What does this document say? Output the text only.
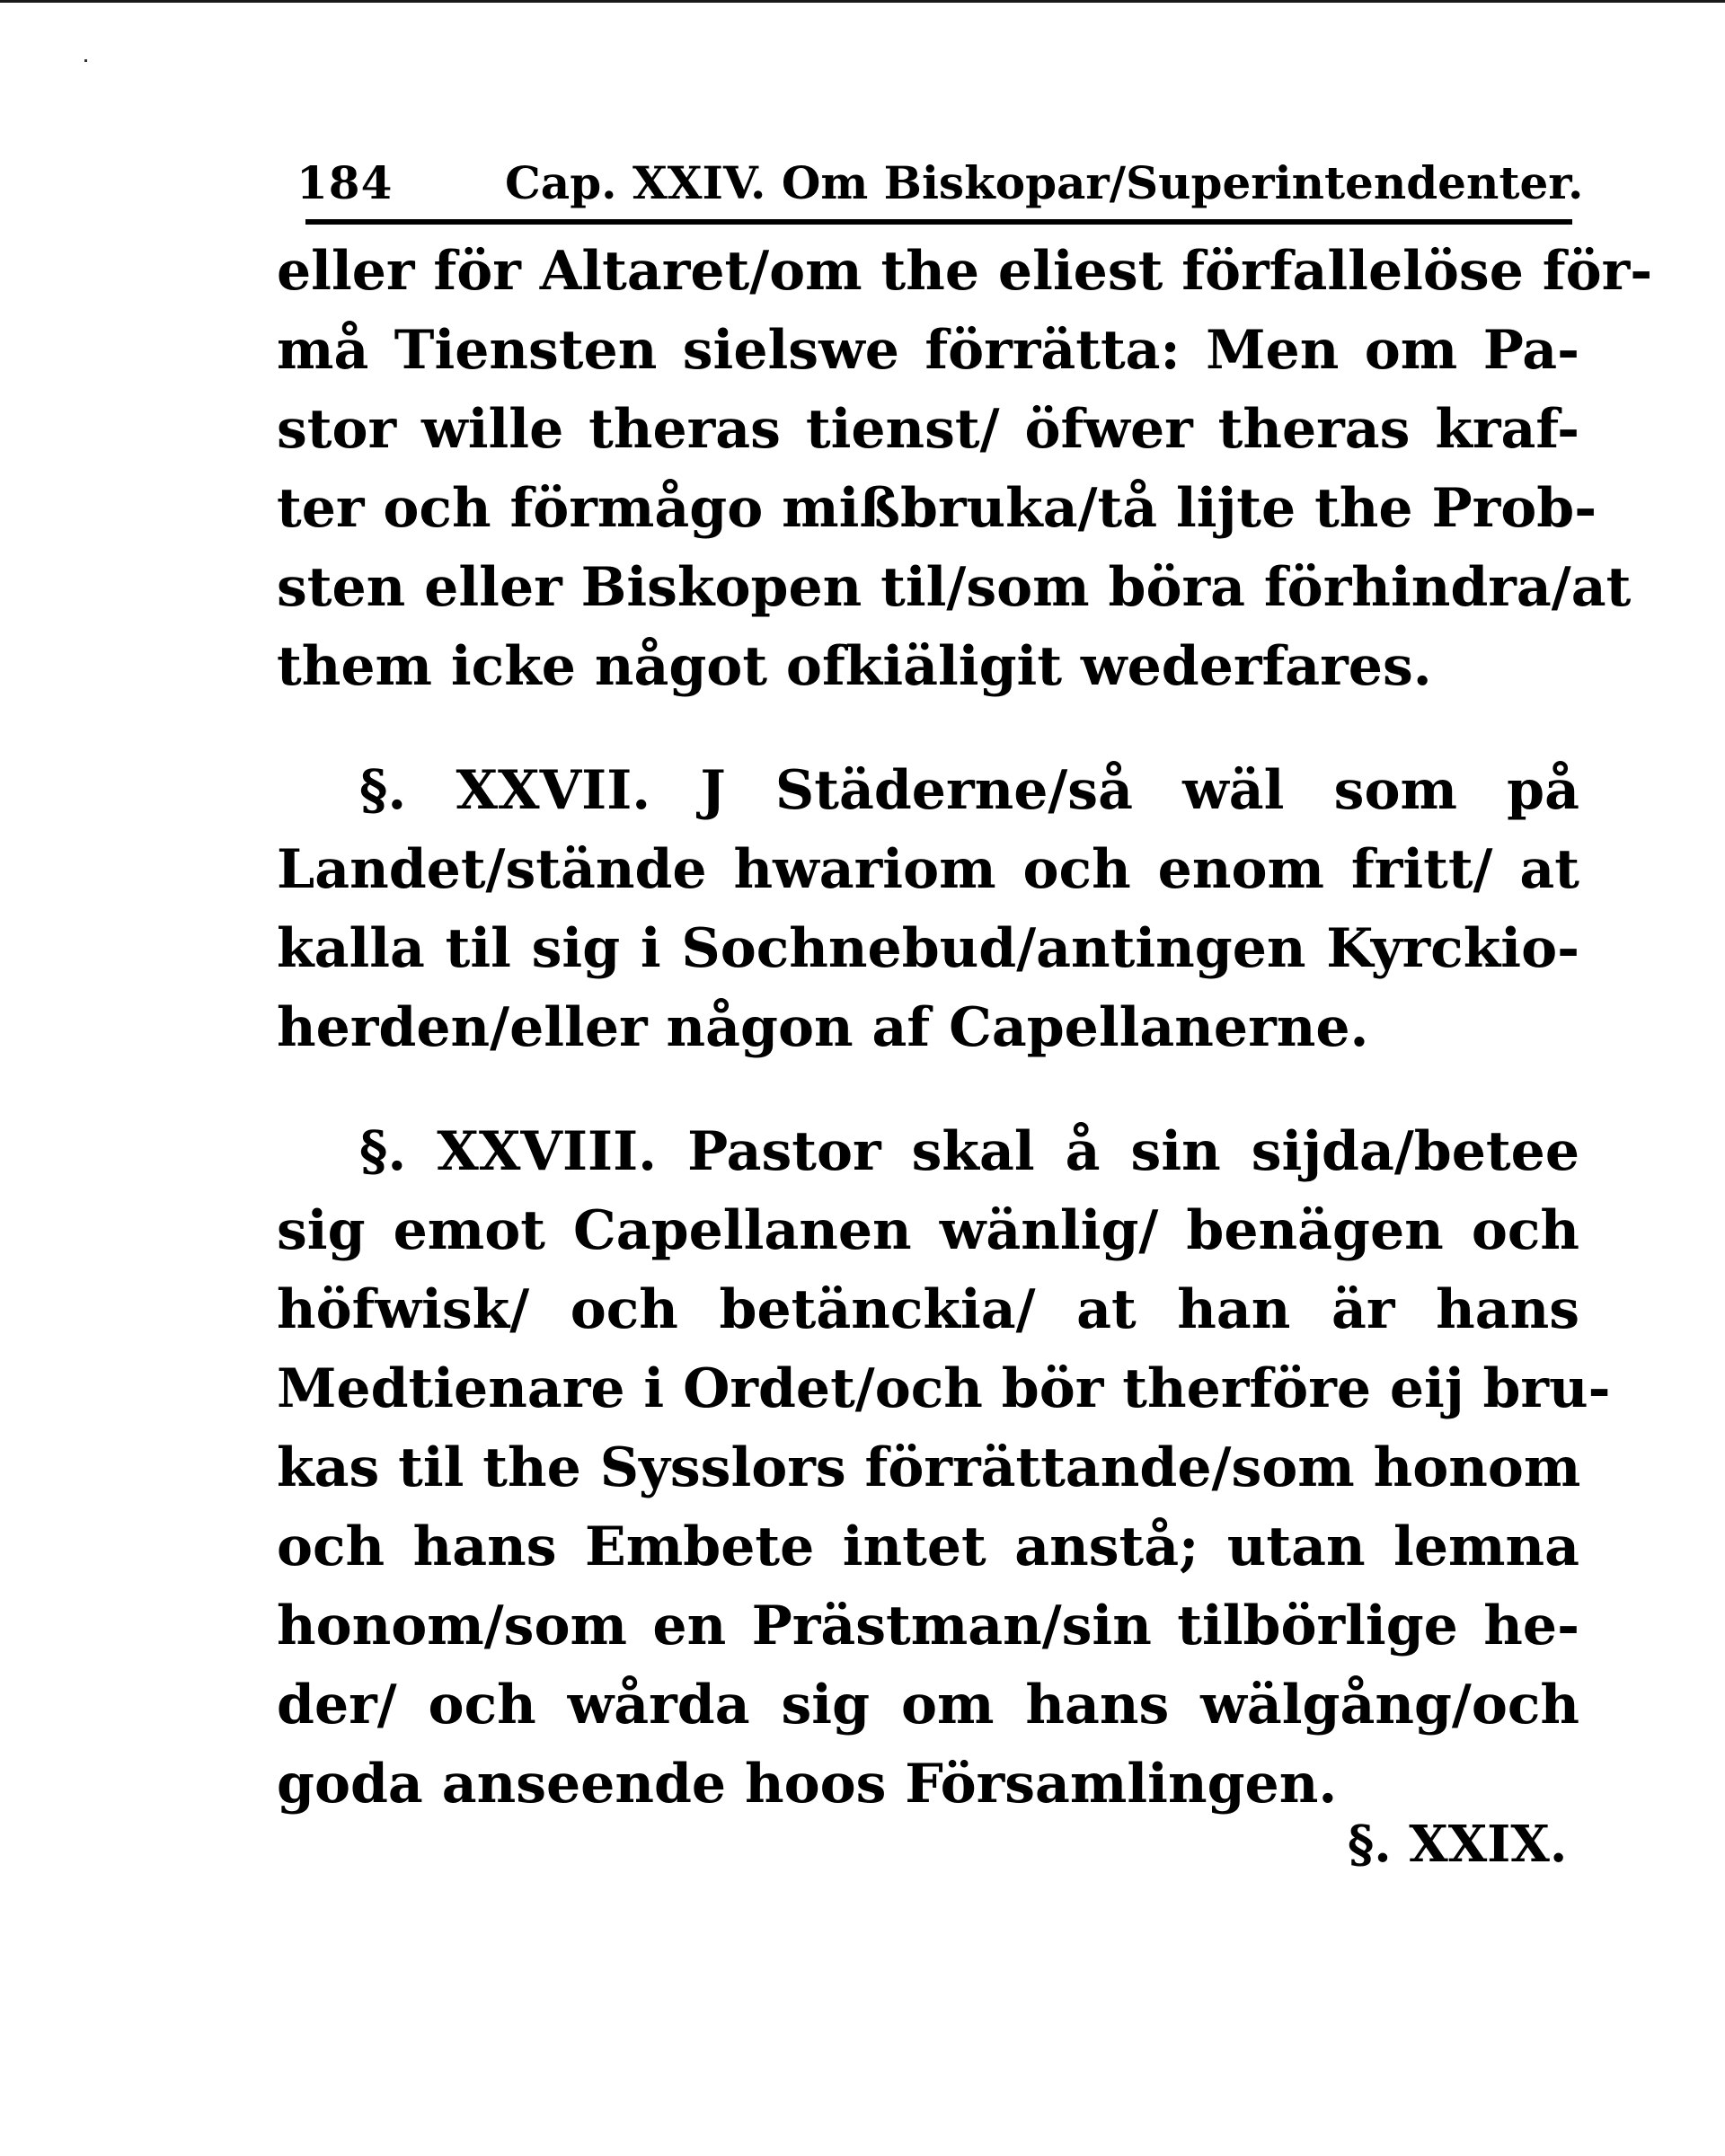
184 Cap. XXIV. Om Biskopar/Superintendenter.
eller för Altaret/om the eliest förfallelöse för-
må Tiensten sielswe förrätta: Men om Pa-
stor wille theras tienst/ öfwer theras kraf-
ter och förmågo mißbruka/tå lijte the Prob-
sten eller Biskopen til/som böra förhindra/at
them icke något ofkiäligit wederfares.
§. XXVII. J Städerne/så wäl som på
Landet/stände hwariom och enom fritt/ at
kalla til sig i Sochnebud/antingen Kyrckio-
herden/eller någon af Capellanerne.
§. XXVIII. Pastor skal å sin sijda/betee
sig emot Capellanen wänlig/ benägen och
höfwisk/ och betänckia/ at han är hans
Medtienare i Ordet/och bör therföre eij bru-
kas til the Sysslors förrättande/som honom
och hans Embete intet anstå; utan lemna
honom/som en Prästman/sin tilbörlige he-
der/ och wårda sig om hans wälgång/och
goda anseende hoos Församlingen.
§. XXIX.
